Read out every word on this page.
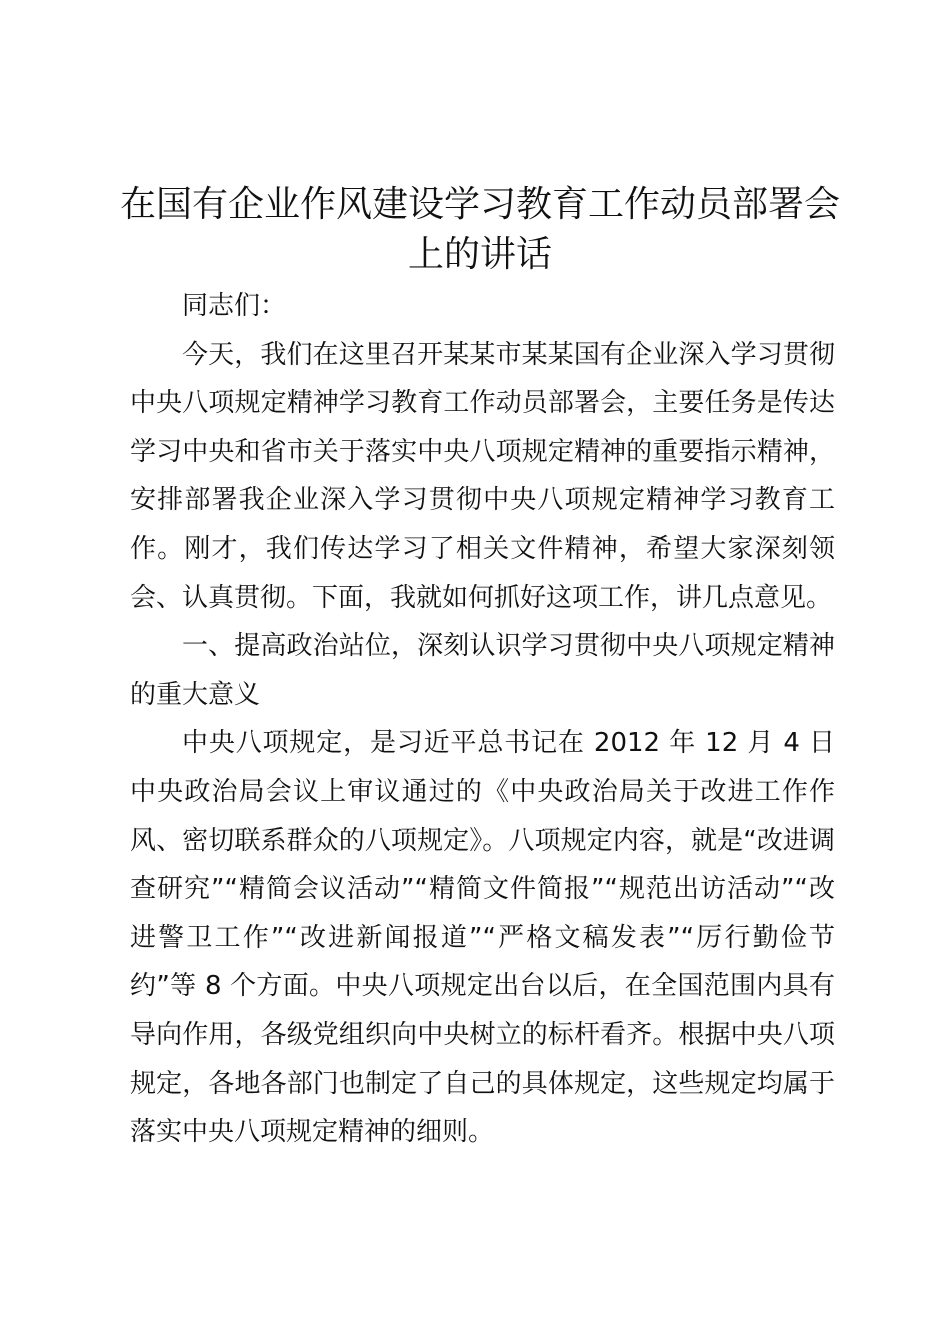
在国有企业作风建设学习教育工作动员部署会上的讲话

同志们：

今天，我们在这里召开某某市某某国有企业深入学习贯彻中央八项规定精神学习教育工作动员部署会，主要任务是传达学习中央和省市关于落实中央八项规定精神的重要指示精神，安排部署我企业深入学习贯彻中央八项规定精神学习教育工作。刚才，我们传达学习了相关文件精神，希望大家深刻领会、认真贯彻。下面，我就如何抓好这项工作，讲几点意见。

一、提高政治站位，深刻认识学习贯彻中央八项规定精神的重大意义

中央八项规定，是习近平总书记在 2012 年 12 月 4 日中央政治局会议上审议通过的《中央政治局关于改进工作作风、密切联系群众的八项规定》。八项规定内容，就是“改进调查研究”“精简会议活动”“精简文件简报”“规范出访活动”“改进警卫工作”“改进新闻报道”“严格文稿发表”“厉行勤俭节约”等 8 个方面。中央八项规定出台以后，在全国范围内具有导向作用，各级党组织向中央树立的标杆看齐。根据中央八项规定，各地各部门也制定了自己的具体规定，这些规定均属于落实中央八项规定精神的细则。
